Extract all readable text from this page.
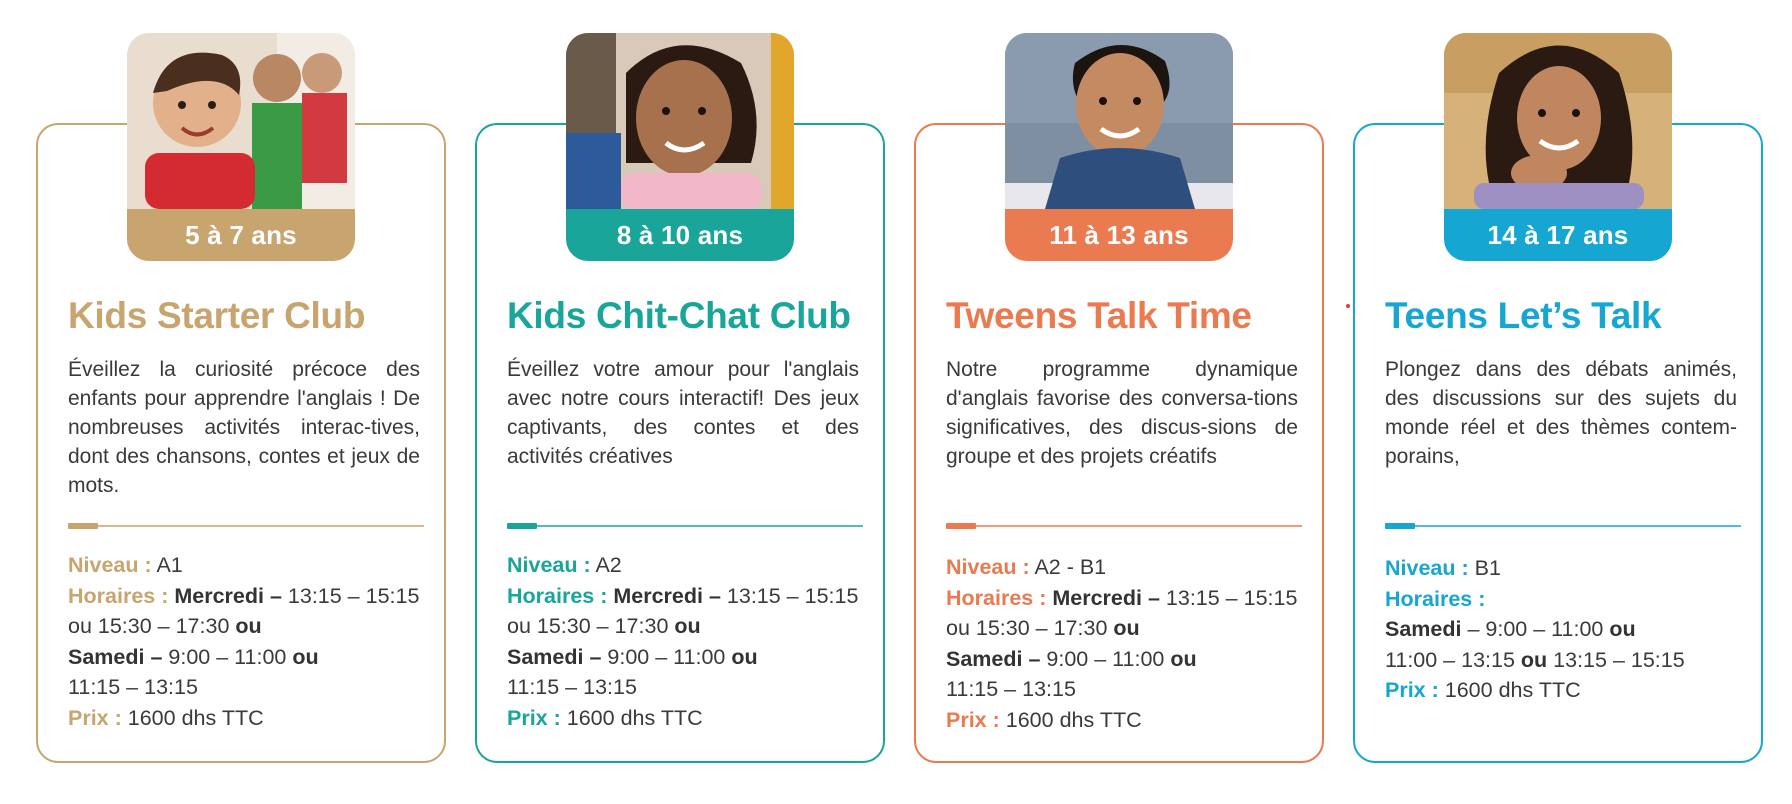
5 à 7 ans
Kids Starter Club
Éveillez la curiosité précoce des enfants pour apprendre l'anglais ! De nombreuses activités interac-tives, dont des chansons, contes et jeux de mots.
Niveau : A1
Horaires : Mercredi – 13:15 – 15:15
ou 15:30 – 17:30 ou
Samedi – 9:00 – 11:00 ou
11:15 – 13:15
Prix : 1600 dhs TTC
8 à 10 ans
Kids Chit-Chat Club
Éveillez votre amour pour l'anglais avec notre cours interactif! Des jeux captivants, des contes et des activités créatives
Niveau : A2
Horaires : Mercredi – 13:15 – 15:15
ou 15:30 – 17:30 ou
Samedi – 9:00 – 11:00 ou
11:15 – 13:15
Prix : 1600 dhs TTC
11 à 13 ans
Tweens Talk Time
Notre programme dynamique d'anglais favorise des conversa-tions significatives, des discus-sions de groupe et des projets créatifs
Niveau : A2 - B1
Horaires : Mercredi – 13:15 – 15:15
ou 15:30 – 17:30 ou
Samedi – 9:00 – 11:00 ou
11:15 – 13:15
Prix : 1600 dhs TTC
14 à 17 ans
Teens Let’s Talk
Plongez dans des débats animés, des discussions sur des sujets du monde réel et des thèmes contem-porains,
Niveau : B1
Horaires :
Samedi – 9:00 – 11:00 ou
11:00 – 13:15 ou 13:15 – 15:15
Prix : 1600 dhs TTC
